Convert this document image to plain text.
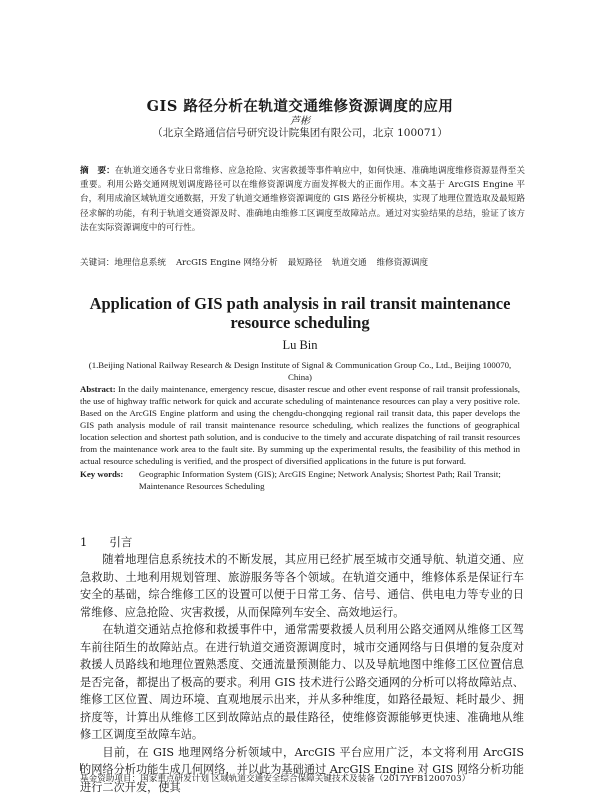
GIS 路径分析在轨道交通维修资源调度的应用
芦彬
（北京全路通信信号研究设计院集团有限公司，北京 100071）
摘　要：在轨道交通各专业日常维修、应急抢险、灾害救援等事件响应中，如何快速、准确地调度维修资源显得至关重要。利用公路交通网规划调度路径可以在维修资源调度方面发挥极大的正面作用。本文基于 ArcGIS Engine 平台，利用成渝区域轨道交通数据，开发了轨道交通维修资源调度的 GIS 路径分析模块，实现了地理位置选取及最短路径求解的功能，有利于轨道交通资源及时、准确地由维修工区调度至故障站点。通过对实验结果的总结，验证了该方法在实际资源调度中的可行性。
关键词：地理信息系统 ArcGIS Engine 网络分析 最短路径 轨道交通 维修资源调度
Application of GIS path analysis in rail transit maintenance resource scheduling
Lu Bin
(1.Beijing National Railway Research & Design Institute of Signal & Communication Group Co., Ltd., Beijing 100070, China)
Abstract: In the daily maintenance, emergency rescue, disaster rescue and other event response of rail transit professionals, the use of highway traffic network for quick and accurate scheduling of maintenance resources can play a very positive role. Based on the ArcGIS Engine platform and using the chengdu-chongqing regional rail transit data, this paper develops the GIS path analysis module of rail transit maintenance resource scheduling, which realizes the functions of geographical location selection and shortest path solution, and is conducive to the timely and accurate dispatching of rail transit resources from the maintenance work area to the fault site. By summing up the experimental results, the feasibility of this method in actual resource scheduling is verified, and the prospect of diversified applications in the future is put forward.
Key words:	Geographic Information System (GIS); ArcGIS Engine; Network Analysis; Shortest Path; Rail Transit; Maintenance Resources Scheduling
1 引言

随着地理信息系统技术的不断发展，其应用已经扩展至城市交通导航、轨道交通、应急救助、土地利用规划管理、旅游服务等各个领域。在轨道交通中，维修体系是保证行车安全的基础，综合维修工区的设置可以便于日常工务、信号、通信、供电电力等专业的日常维修、应急抢险、灾害救援，从而保障列车安全、高效地运行。

在轨道交通站点抢修和救援事件中，通常需要救援人员利用公路交通网从维修工区驾车前往陌生的故障站点。在进行轨道交通资源调度时，城市交通网络与日俱增的复杂度对救援人员路线和地理位置熟悉度、交通流量预测能力、以及导航地图中维修工区位置信息是否完备，都提出了极高的要求。利用 GIS 技术进行公路交通网的分析可以将故障站点、维修工区位置、周边环境、直观地展示出来，并从多种维度，如路径最短、耗时最少、拥挤度等，计算出从维修工区到故障站点的最佳路径，使维修资源能够更快速、准确地从维修工区调度至故障车站。

目前，在 GIS 地理网络分析领域中，ArcGIS 平台应用广泛，本文将利用 ArcGIS 的网络分析功能生成几何网络，并以此为基础通过 ArcGIS Engine 对 GIS 网络分析功能进行二次开发，使其

基金资助项目：国家重点研发计划 区域轨道交通安全综合保障关键技术及装备（2017YFB1200703）
